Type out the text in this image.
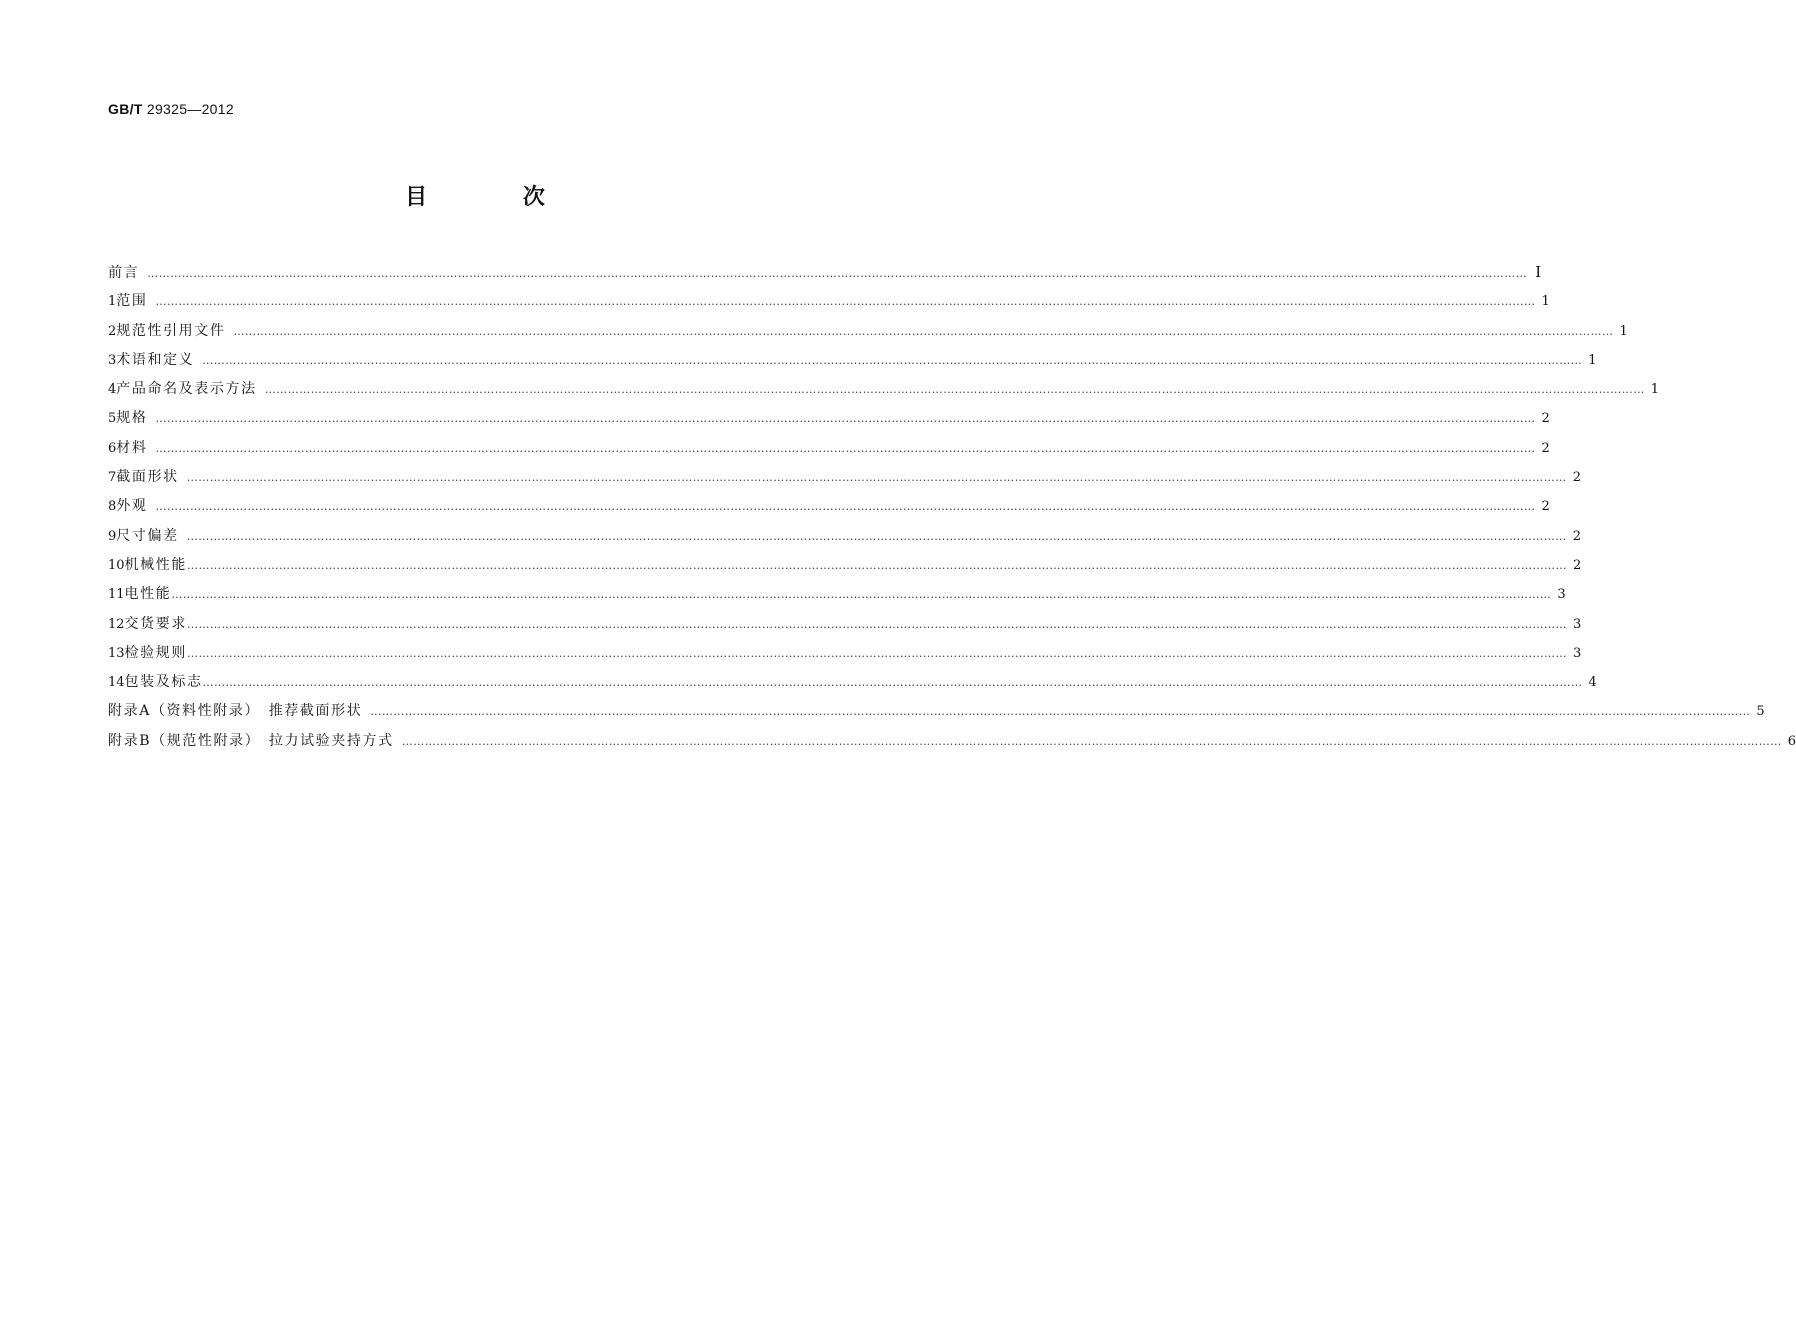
GB/T 29325—2012
目 次
前言 ……………………………………………………………………………………………………………………………………………………………………………………………………………………………………………………………………………………………………………………………… Ⅰ
1 范围 ……………………………………………………………………………………………………………………………………………………………………………………………………………………………………………………………………………………………………………………………… 1
2 规范性引用文件 ……………………………………………………………………………………………………………………………………………………………………………………………………………………………………………………………………………………………………………………………… 1
3 术语和定义 ……………………………………………………………………………………………………………………………………………………………………………………………………………………………………………………………………………………………………………………………… 1
4 产品命名及表示方法 ……………………………………………………………………………………………………………………………………………………………………………………………………………………………………………………………………………………………………………………………… 1
5 规格 ……………………………………………………………………………………………………………………………………………………………………………………………………………………………………………………………………………………………………………………………… 2
6 材料 ……………………………………………………………………………………………………………………………………………………………………………………………………………………………………………………………………………………………………………………………… 2
7 截面形状 ……………………………………………………………………………………………………………………………………………………………………………………………………………………………………………………………………………………………………………………………… 2
8 外观 ……………………………………………………………………………………………………………………………………………………………………………………………………………………………………………………………………………………………………………………………… 2
9 尺寸偏差 ……………………………………………………………………………………………………………………………………………………………………………………………………………………………………………………………………………………………………………………………… 2
10 机械性能 ……………………………………………………………………………………………………………………………………………………………………………………………………………………………………………………………………………………………………………………………… 2
11 电性能 ……………………………………………………………………………………………………………………………………………………………………………………………………………………………………………………………………………………………………………………………… 3
12 交货要求 ……………………………………………………………………………………………………………………………………………………………………………………………………………………………………………………………………………………………………………………………… 3
13 检验规则 ……………………………………………………………………………………………………………………………………………………………………………………………………………………………………………………………………………………………………………………………… 3
14 包装及标志 ……………………………………………………………………………………………………………………………………………………………………………………………………………………………………………………………………………………………………………………………… 4
附录A（资料性附录）　推荐截面形状 ……………………………………………………………………………………………………………………………………………………………………………………………………………………………………………………………………………………………………………………………… 5
附录B（规范性附录）　拉力试验夹持方式 ……………………………………………………………………………………………………………………………………………………………………………………………………………………………………………………………………………………………………………………………… 6
